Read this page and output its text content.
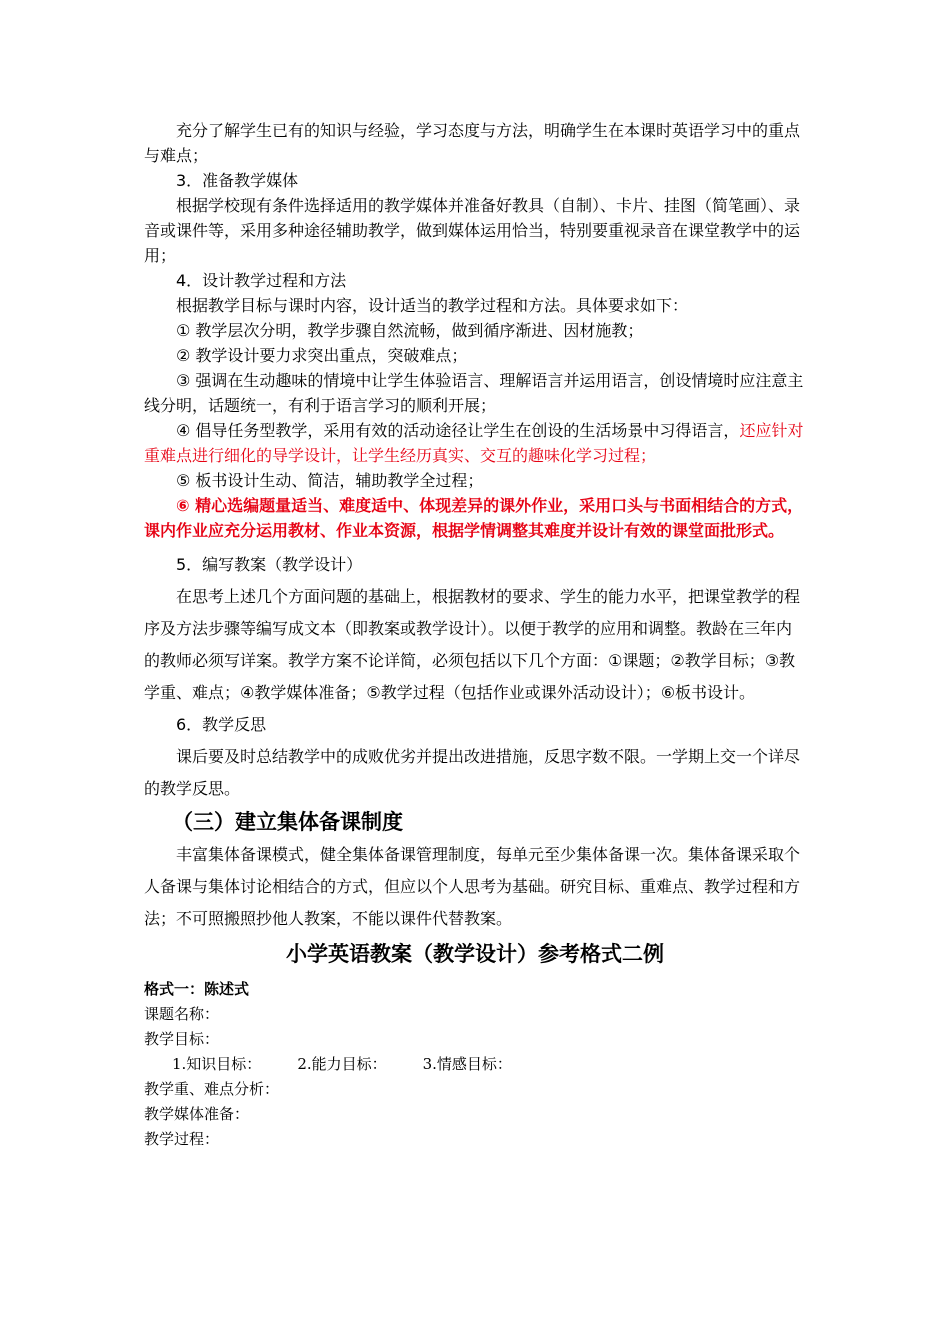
充分了解学生已有的知识与经验，学习态度与方法，明确学生在本课时英语学习中的重点与难点；

3．准备教学媒体

根据学校现有条件选择适用的教学媒体并准备好教具（自制）、卡片、挂图（简笔画）、录音或课件等，采用多种途径辅助教学，做到媒体运用恰当，特别要重视录音在课堂教学中的运用；

4．设计教学过程和方法

根据教学目标与课时内容，设计适当的教学过程和方法。具体要求如下：

① 教学层次分明，教学步骤自然流畅，做到循序渐进、因材施教；

② 教学设计要力求突出重点，突破难点；

③ 强调在生动趣味的情境中让学生体验语言、理解语言并运用语言，创设情境时应注意主线分明，话题统一，有利于语言学习的顺利开展；

④ 倡导任务型教学，采用有效的活动途径让学生在创设的生活场景中习得语言，还应针对重难点进行细化的导学设计，让学生经历真实、交互的趣味化学习过程；

⑤ 板书设计生动、简洁，辅助教学全过程；

⑥ 精心选编题量适当、难度适中、体现差异的课外作业，采用口头与书面相结合的方式，课内作业应充分运用教材、作业本资源，根据学情调整其难度并设计有效的课堂面批形式。

5．编写教案（教学设计）

在思考上述几个方面问题的基础上，根据教材的要求、学生的能力水平，把课堂教学的程序及方法步骤等编写成文本（即教案或教学设计）。以便于教学的应用和调整。教龄在三年内的教师必须写详案。教学方案不论详简，必须包括以下几个方面：①课题；②教学目标；③教学重、难点；④教学媒体准备；⑤教学过程（包括作业或课外活动设计）；⑥板书设计。

6．教学反思

课后要及时总结教学中的成败优劣并提出改进措施，反思字数不限。一学期上交一个详尽的教学反思。

（三）建立集体备课制度

丰富集体备课模式，健全集体备课管理制度，每单元至少集体备课一次。集体备课采取个人备课与集体讨论相结合的方式，但应以个人思考为基础。研究目标、重难点、教学过程和方法；不可照搬照抄他人教案，不能以课件代替教案。

小学英语教案（教学设计）参考格式二例

格式一：陈述式

课题名称：

教学目标：

1.知识目标： 2.能力目标： 3.情感目标：

教学重、难点分析：

教学媒体准备：

教学过程：
